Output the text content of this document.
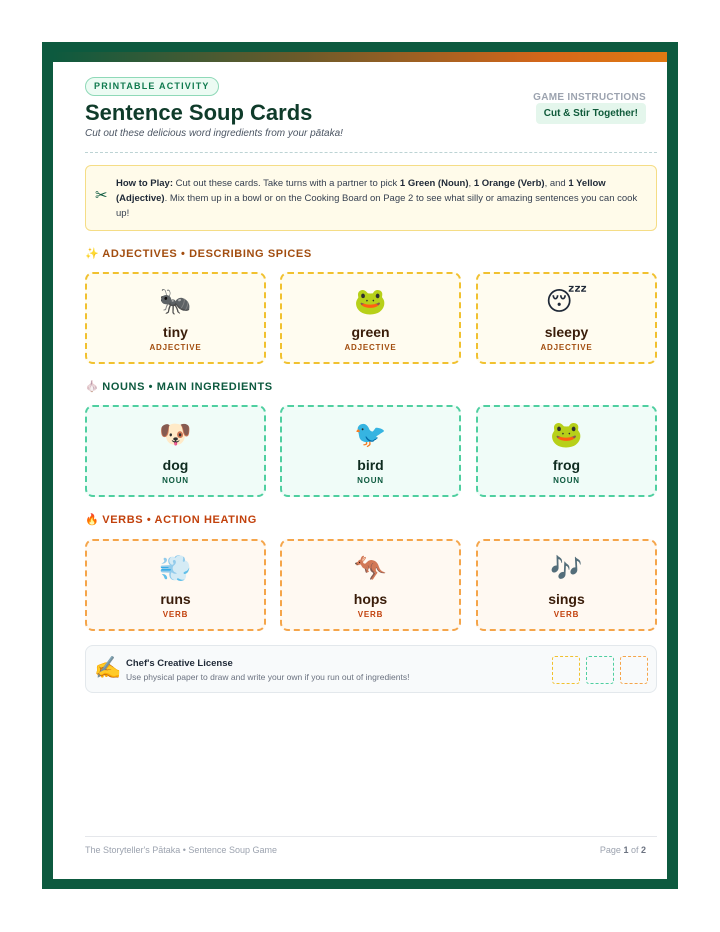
PRINTABLE ACTIVITY
Sentence Soup Cards
Cut out these delicious word ingredients from your pātaka!
GAME INSTRUCTIONS
Cut & Stir Together!
✂
How to Play: Cut out these cards. Take turns with a partner to pick 1 Green (Noun), 1 Orange (Verb), and 1 Yellow (Adjective). Mix them up in a bowl or on the Cooking Board on Page 2 to see what silly or amazing sentences you can cook up!
✨ ADJECTIVES • DESCRIBING SPICES
🐜
tiny
ADJECTIVE
🐸
green
ADJECTIVE
😴
sleepy
ADJECTIVE
🧄 NOUNS • MAIN INGREDIENTS
🐶
dog
NOUN
🐦
bird
NOUN
🐸
frog
NOUN
🔥 VERBS • ACTION HEATING
💨
runs
VERB
🦘
hops
VERB
🎶
sings
VERB
✍️ Chef's Creative License
Use physical paper to draw and write your own if you run out of ingredients!
The Storyteller's Pātaka • Sentence Soup Game	Page 1 of 2
